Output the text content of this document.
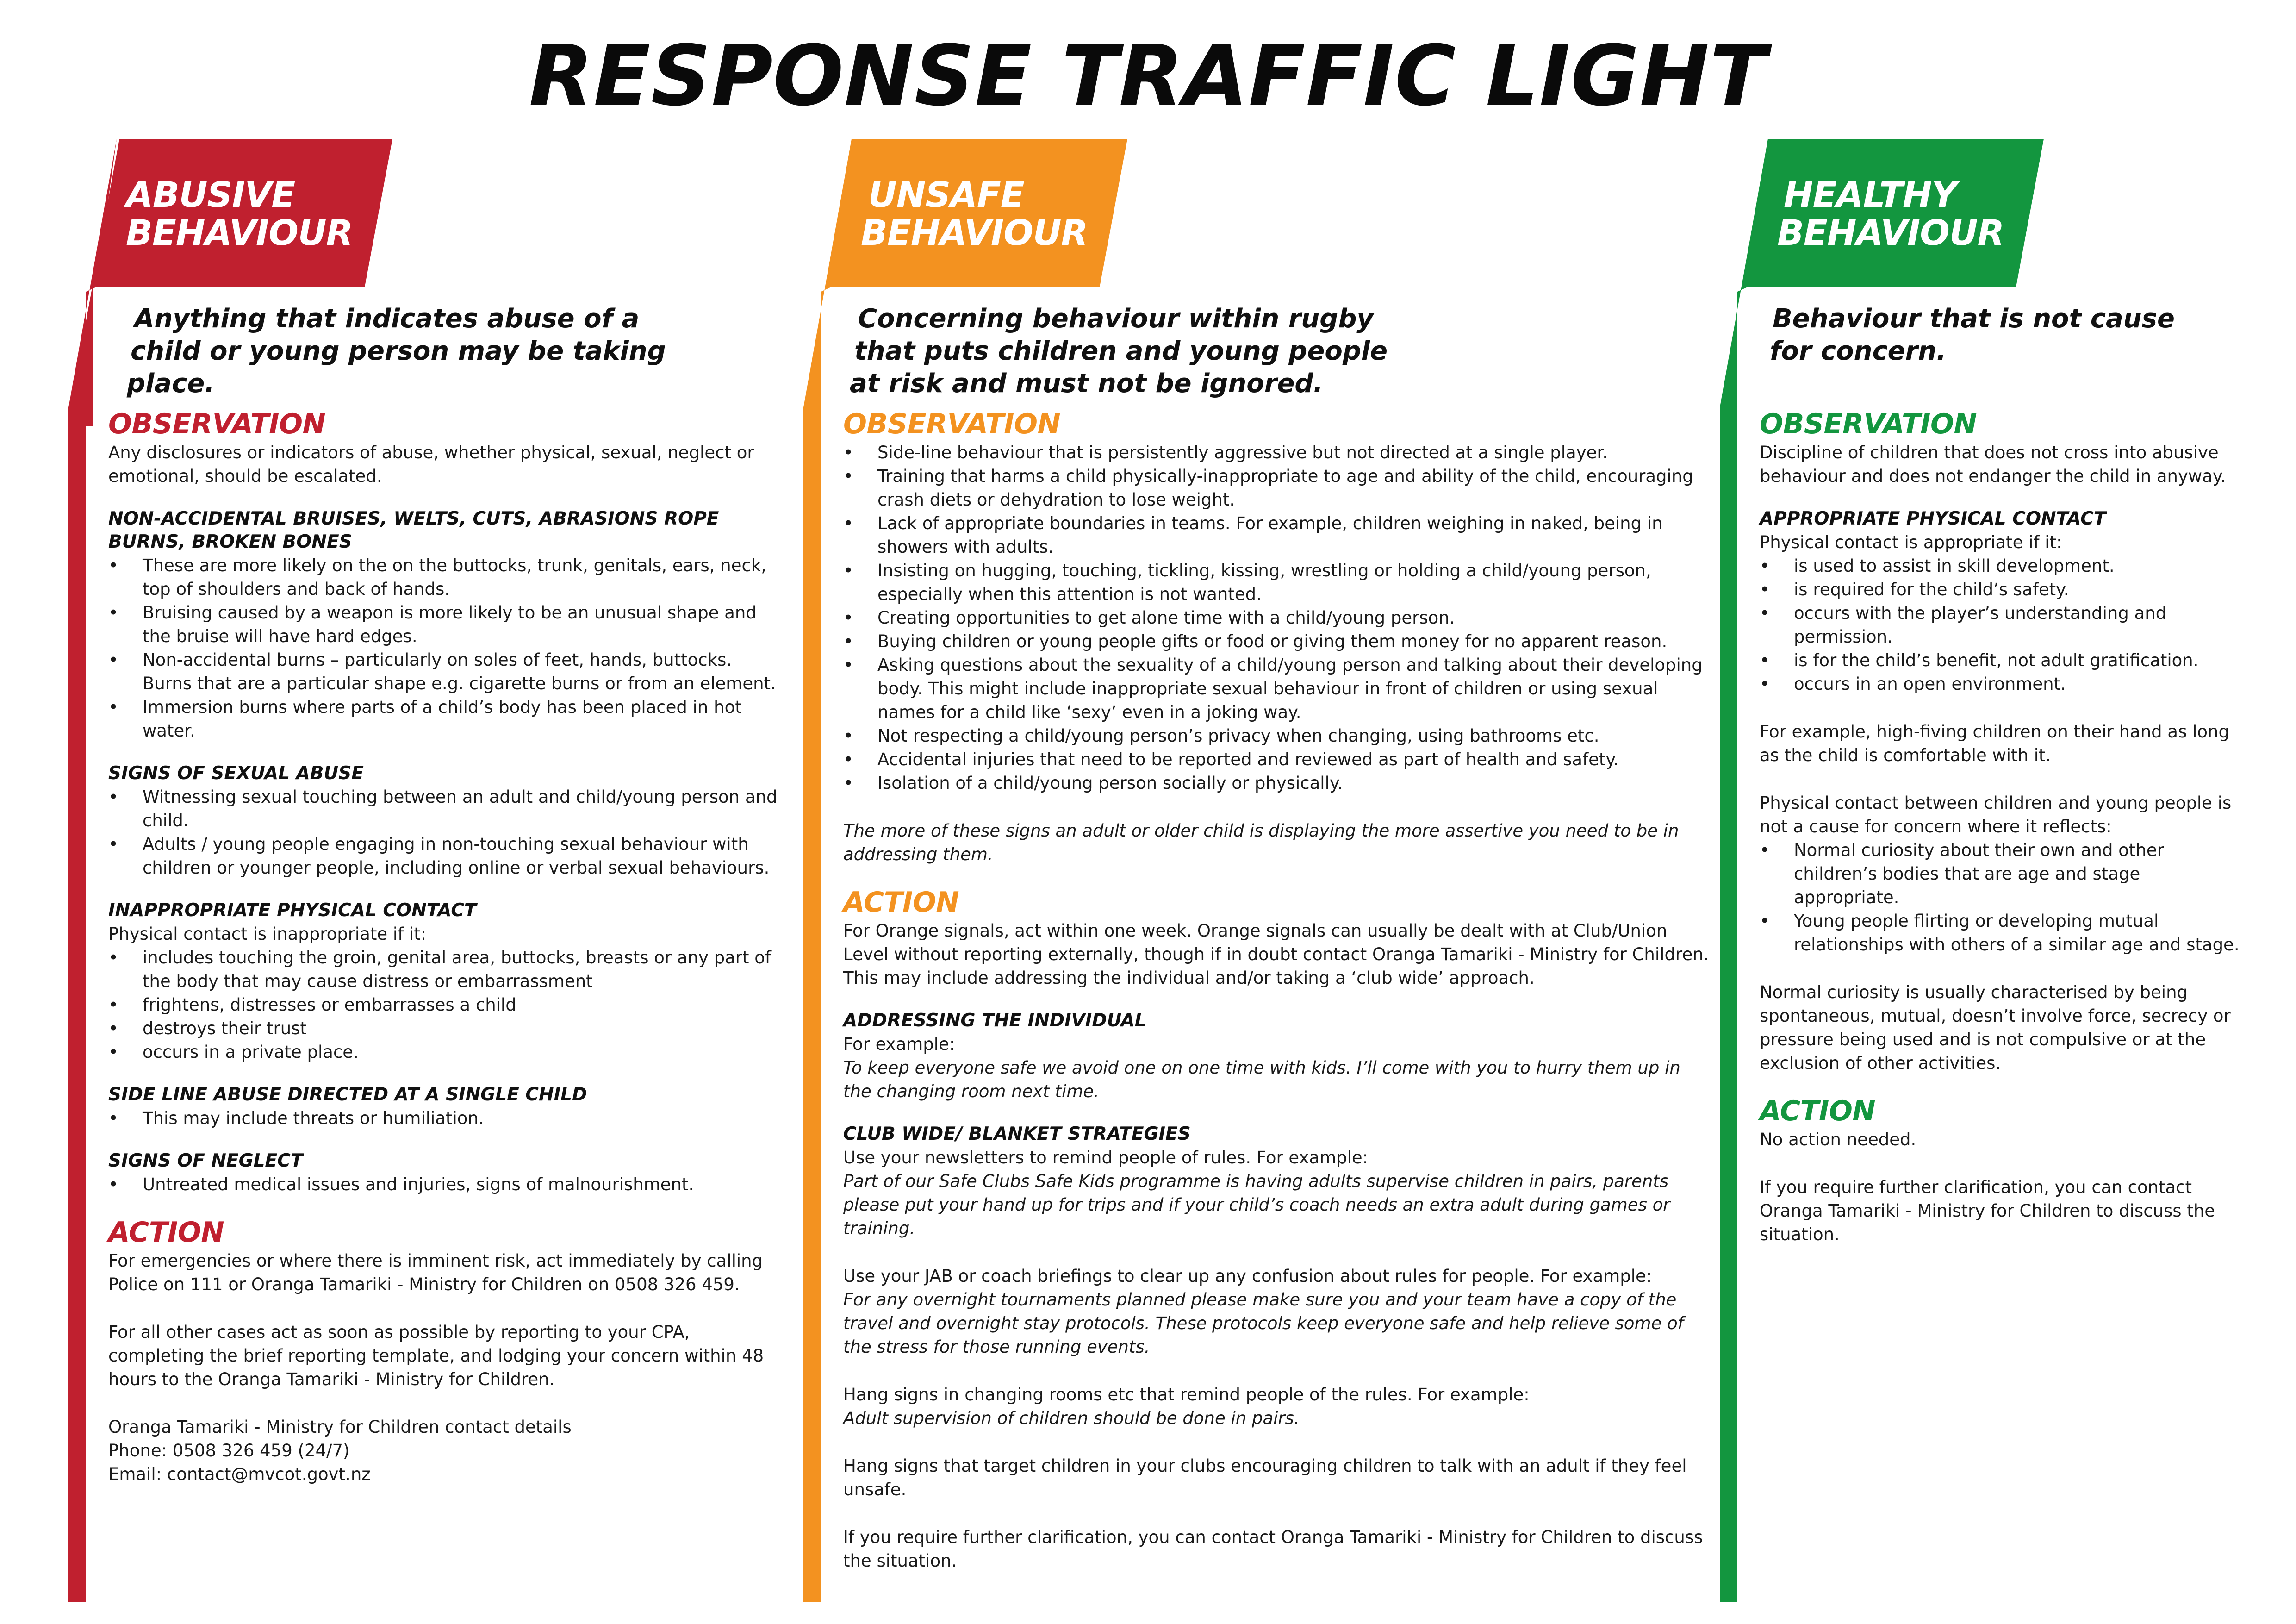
RESPONSE TRAFFIC LIGHT
ABUSIVE
BEHAVIOUR

Anything that indicates abuse of a
child or young person may be taking
place.

OBSERVATION

Any disclosures or indicators of abuse, whether physical, sexual, neglect or emotional, should be escalated.

NON-ACCIDENTAL BRUISES, WELTS, CUTS, ABRASIONS ROPE BURNS, BROKEN BONES
• These are more likely on the on the buttocks, trunk, genitals, ears, neck, top of shoulders and back of hands.
• Bruising caused by a weapon is more likely to be an unusual shape and the bruise will have hard edges.
• Non-accidental burns – particularly on soles of feet, hands, buttocks. Burns that are a particular shape e.g. cigarette burns or from an element.
• Immersion burns where parts of a child’s body has been placed in hot water.
SIGNS OF SEXUAL ABUSE
• Witnessing sexual touching between an adult and child/young person and child.
• Adults / young people engaging in non-touching sexual behaviour with children or younger people, including online or verbal sexual behaviours.
INAPPROPRIATE PHYSICAL CONTACT

Physical contact is inappropriate if it:

• includes touching the groin, genital area, buttocks, breasts or any part of the body that may cause distress or embarrassment
• frightens, distresses or embarrasses a child
• destroys their trust
• occurs in a private place.
SIDE LINE ABUSE DIRECTED AT A SINGLE CHILD
• This may include threats or humiliation.
SIGNS OF NEGLECT
• Untreated medical issues and injuries, signs of malnourishment.
ACTION

For emergencies or where there is imminent risk, act immediately by calling Police on 111 or Oranga Tamariki - Ministry for Children on 0508 326 459.

For all other cases act as soon as possible by reporting to your CPA, completing the brief reporting template, and lodging your concern within 48 hours to the Oranga Tamariki - Ministry for Children.

Oranga Tamariki - Ministry for Children contact details

Phone: 0508 326 459 (24/7)

Email: contact@mvcot.govt.nz

UNSAFE
BEHAVIOUR

Concerning behaviour within rugby
that puts children and young people
at risk and must not be ignored.

OBSERVATION
• Side-line behaviour that is persistently aggressive but not directed at a single player.
• Training that harms a child physically-inappropriate to age and ability of the child, encouraging crash diets or dehydration to lose weight.
• Lack of appropriate boundaries in teams. For example, children weighing in naked, being in showers with adults.
• Insisting on hugging, touching, tickling, kissing, wrestling or holding a child/young person, especially when this attention is not wanted.
• Creating opportunities to get alone time with a child/young person.
• Buying children or young people gifts or food or giving them money for no apparent reason.
• Asking questions about the sexuality of a child/young person and talking about their developing body. This might include inappropriate sexual behaviour in front of children or using sexual names for a child like ‘sexy’ even in a joking way.
• Not respecting a child/young person’s privacy when changing, using bathrooms etc.
• Accidental injuries that need to be reported and reviewed as part of health and safety.
• Isolation of a child/young person socially or physically.

The more of these signs an adult or older child is displaying the more assertive you need to be in addressing them.

ACTION

For Orange signals, act within one week. Orange signals can usually be dealt with at Club/Union Level without reporting externally, though if in doubt contact Oranga Tamariki - Ministry for Children. This may include addressing the individual and/or taking a ‘club wide’ approach.

ADDRESSING THE INDIVIDUAL

For example:

To keep everyone safe we avoid one on one time with kids. I’ll come with you to hurry them up in the changing room next time.

CLUB WIDE/ BLANKET STRATEGIES

Use your newsletters to remind people of rules. For example:

Part of our Safe Clubs Safe Kids programme is having adults supervise children in pairs, parents please put your hand up for trips and if your child’s coach needs an extra adult during games or training.

Use your JAB or coach briefings to clear up any confusion about rules for people. For example:

For any overnight tournaments planned please make sure you and your team have a copy of the travel and overnight stay protocols. These protocols keep everyone safe and help relieve some of the stress for those running events.

Hang signs in changing rooms etc that remind people of the rules. For example:

Adult supervision of children should be done in pairs.

Hang signs that target children in your clubs encouraging children to talk with an adult if they feel unsafe.

If you require further clarification, you can contact Oranga Tamariki - Ministry for Children to discuss the situation.

HEALTHY
BEHAVIOUR

Behaviour that is not cause
for concern.

OBSERVATION

Discipline of children that does not cross into abusive behaviour and does not endanger the child in anyway.

APPROPRIATE PHYSICAL CONTACT

Physical contact is appropriate if it:

• is used to assist in skill development.
• is required for the child’s safety.
• occurs with the player’s understanding and permission.
• is for the child’s benefit, not adult gratification.
• occurs in an open environment.

For example, high-fiving children on their hand as long as the child is comfortable with it.

Physical contact between children and young people is not a cause for concern where it reflects:

• Normal curiosity about their own and other children’s bodies that are age and stage appropriate.
• Young people flirting or developing mutual relationships with others of a similar age and stage.

Normal curiosity is usually characterised by being spontaneous, mutual, doesn’t involve force, secrecy or pressure being used and is not compulsive or at the exclusion of other activities.

ACTION

No action needed.

If you require further clarification, you can contact Oranga Tamariki - Ministry for Children to discuss the situation.
